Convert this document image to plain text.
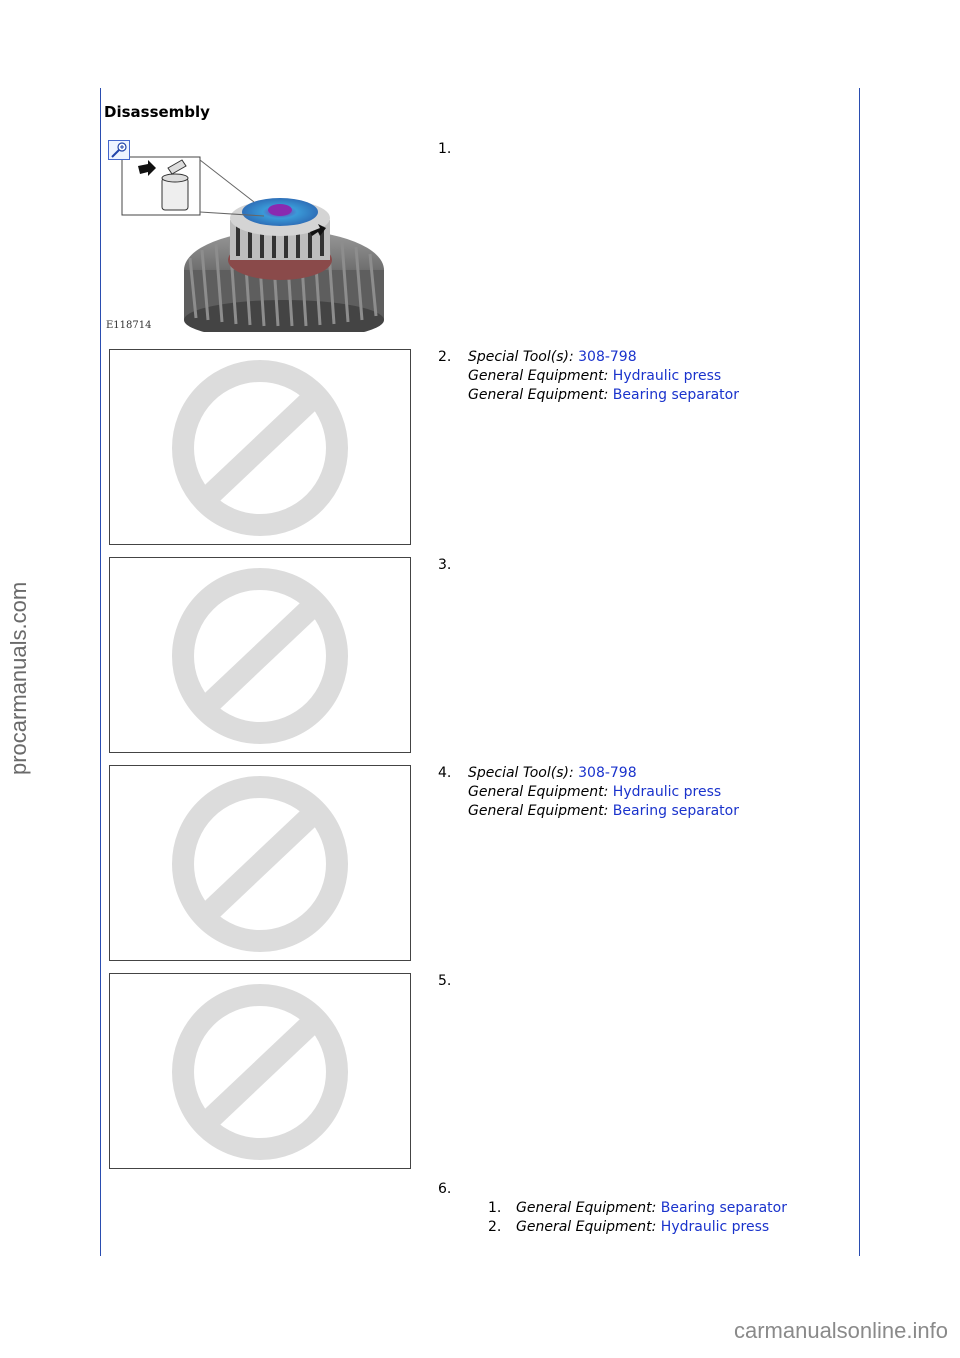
procarmanuals.com
carmanualsonline.info
Disassembly
E118714
1.
2. Special Tool(s): 308-798
General Equipment: Hydraulic press
General Equipment: Bearing separator
3.
4. Special Tool(s): 308-798
General Equipment: Hydraulic press
General Equipment: Bearing separator
5.
6.
1. General Equipment: Bearing separator
2. General Equipment: Hydraulic press
